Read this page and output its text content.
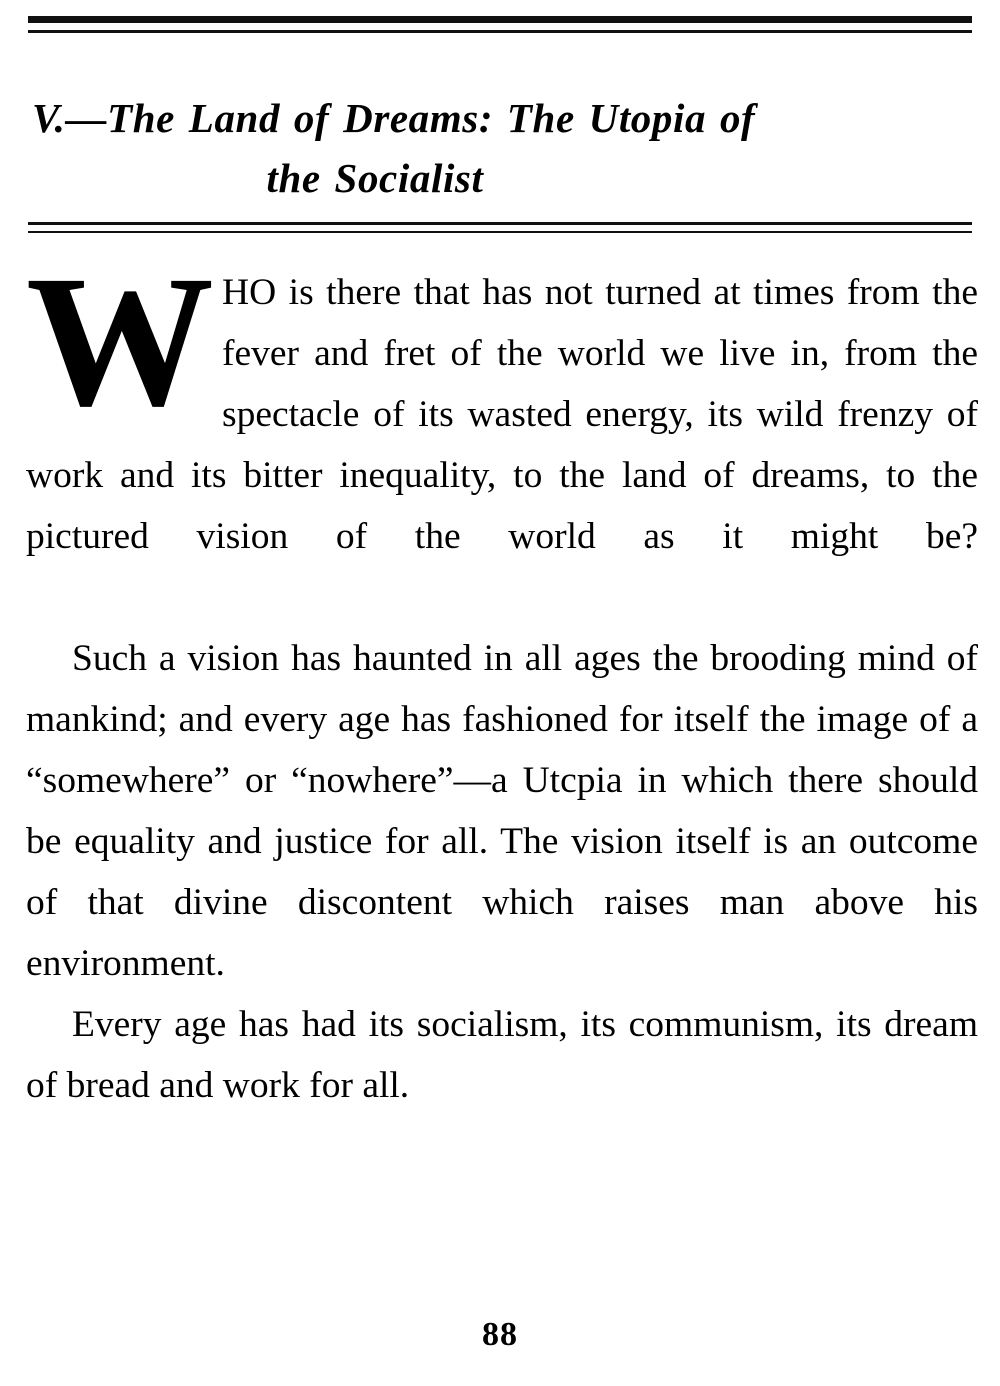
V.—The Land of Dreams: The Utopia of
the Socialist

WHO is there that has not turned at times from the fever and fret of the world we live in, from the spectacle of its wasted energy, its wild frenzy of work and its bitter inequality, to the land of dreams, to the pictured vision of the world as it might be?

Such a vision has haunted in all ages the brooding mind of mankind; and every age has fashioned for itself the image of a “somewhere” or “nowhere”—a Utcpia in which there should be equality and justice for all. The vision itself is an outcome of that divine discontent which raises man above his environment.

Every age has had its socialism, its communism, its dream of bread and work for all.

88
